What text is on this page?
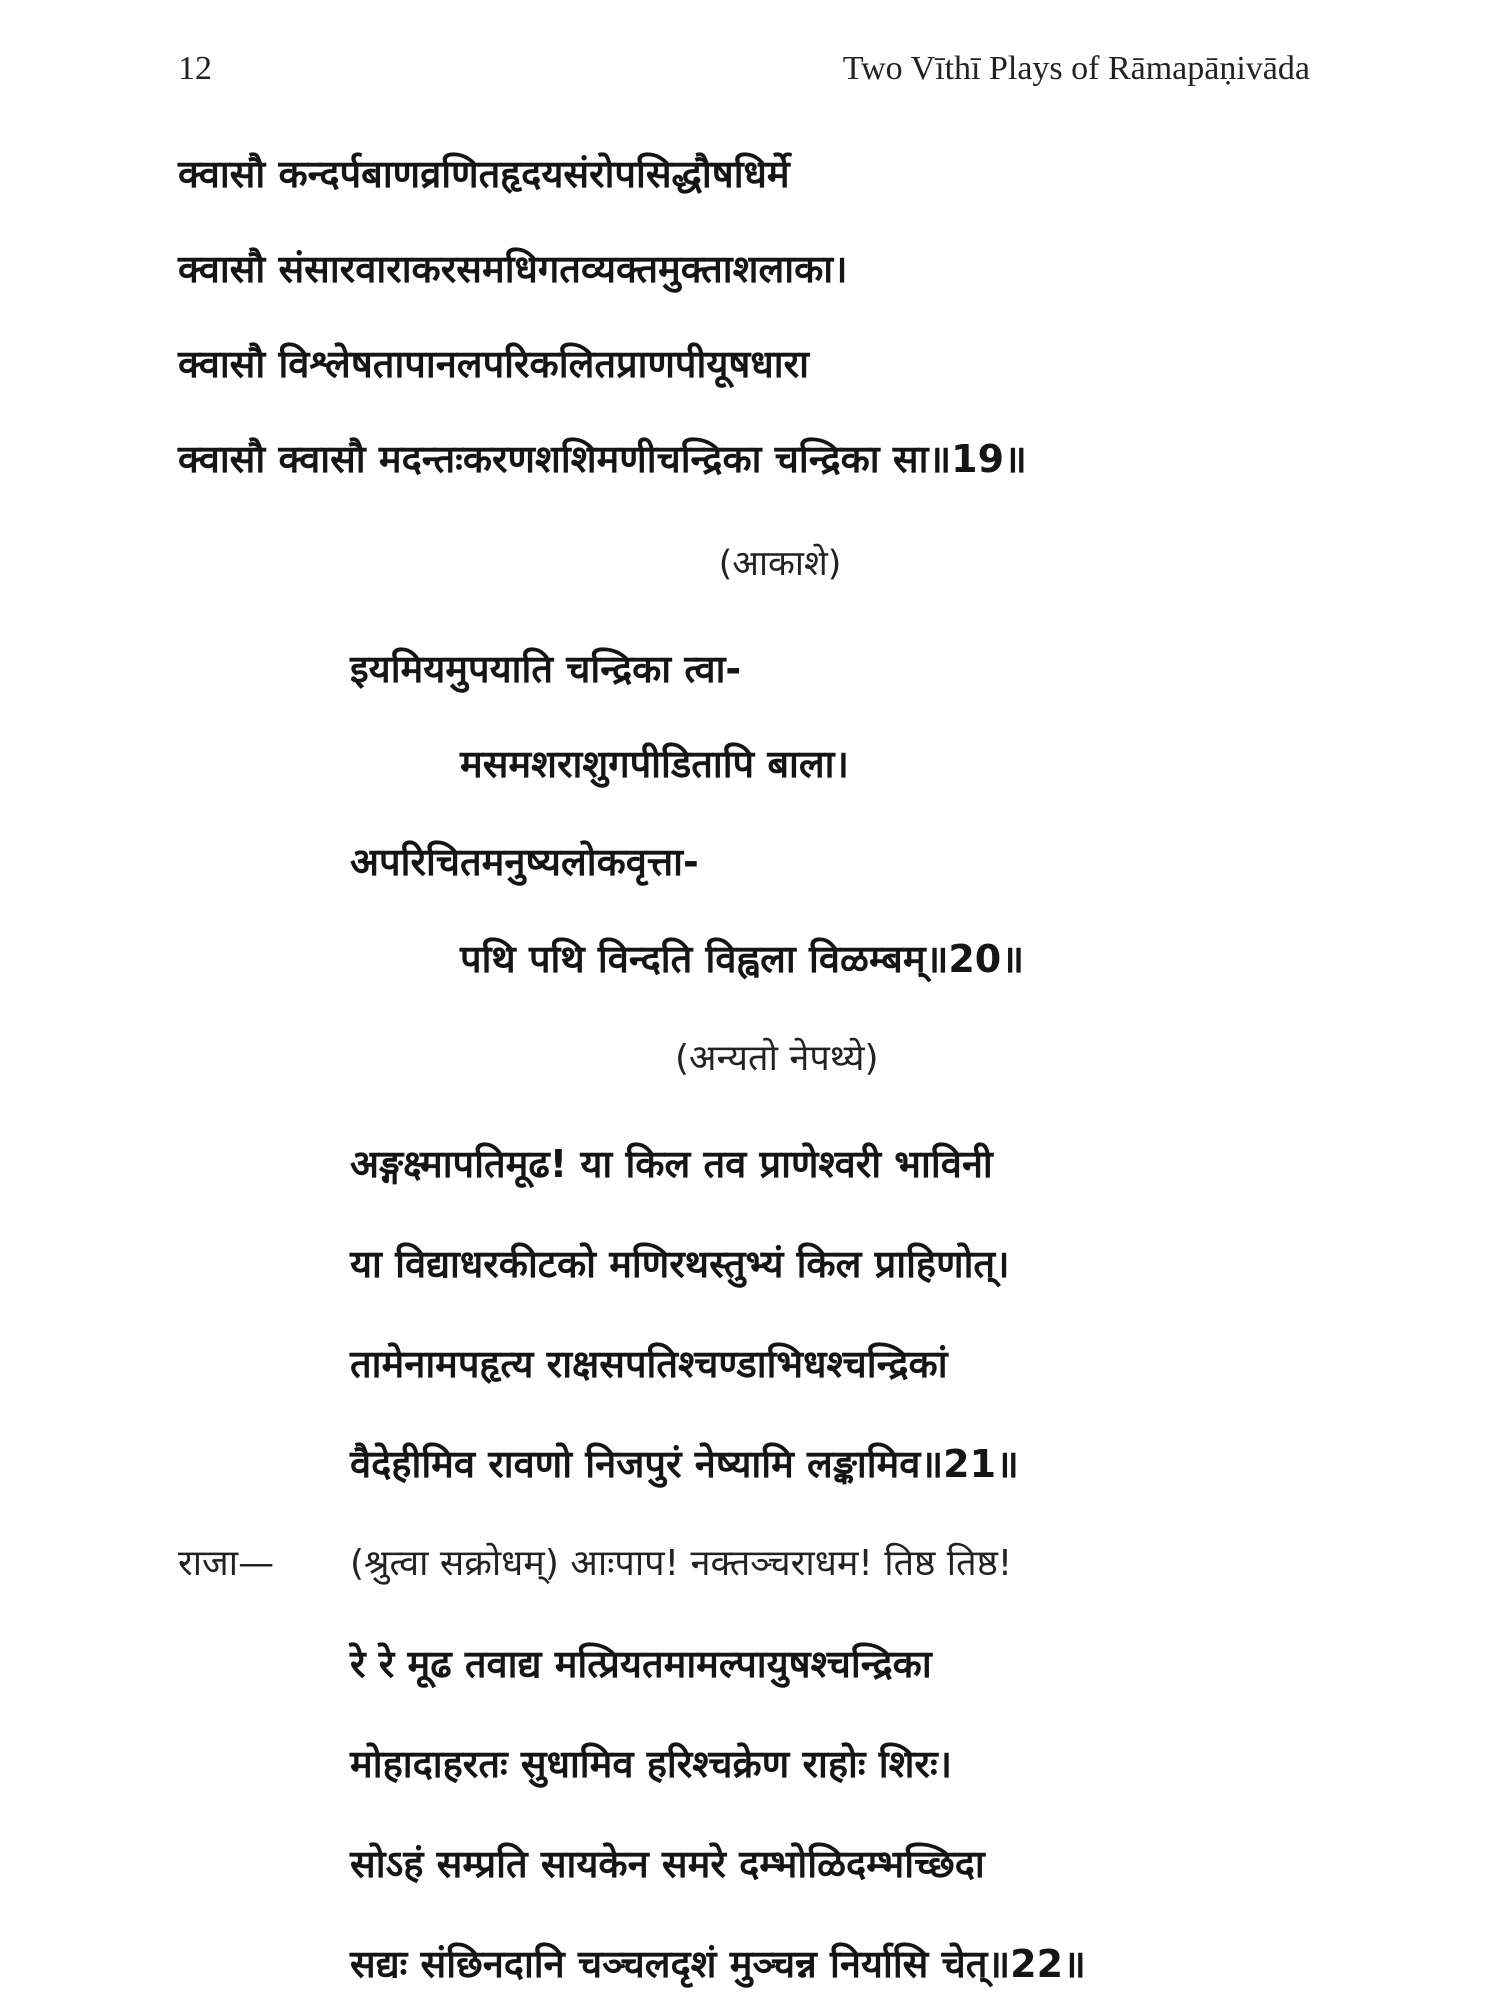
12	Two Vīthī Plays of Rāmapāṇivāda
क्वासौ कन्दर्पबाणव्रणितहृदयसंरोपसिद्धौषधिर्मे
क्वासौ संसारवाराकरसमधिगतव्यक्तमुक्ताशलाका।
क्वासौ विश्लेषतापानलपरिकलितप्राणपीयूषधारा
क्वासौ क्वासौ मदन्तःकरणशशिमणीचन्द्रिका चन्द्रिका सा॥19॥
(आकाशे)
इयमियमुपयाति चन्द्रिका त्वा-
मसमशराशुगपीडितापि बाला।
अपरिचितमनुष्यलोकवृत्ता-
पथि पथि विन्दति विह्वला विळम्बम्॥20॥
(अन्यतो नेपथ्ये)
अङ्गक्ष्मापतिमूढ! या किल तव प्राणेश्वरी भाविनी
या विद्याधरकीटको मणिरथस्तुभ्यं किल प्राहिणोत्।
तामेनामपहृत्य राक्षसपतिश्चण्डाभिधश्चन्द्रिकां
वैदेहीमिव रावणो निजपुरं नेष्यामि लङ्कामिव॥21॥
राजा— (श्रुत्वा सक्रोधम्) आःपाप! नक्तञ्चराधम! तिष्ठ तिष्ठ!
रे रे मूढ तवाद्य मत्प्रियतमामल्पायुषश्चन्द्रिका
मोहादाहरतः सुधामिव हरिश्चक्रेण राहोः शिरः।
सोऽहं सम्प्रति सायकेन समरे दम्भोळिदम्भच्छिदा
सद्यः संछिनदानि चञ्चलदृशं मुञ्चन्न निर्यासि चेत्॥22॥
